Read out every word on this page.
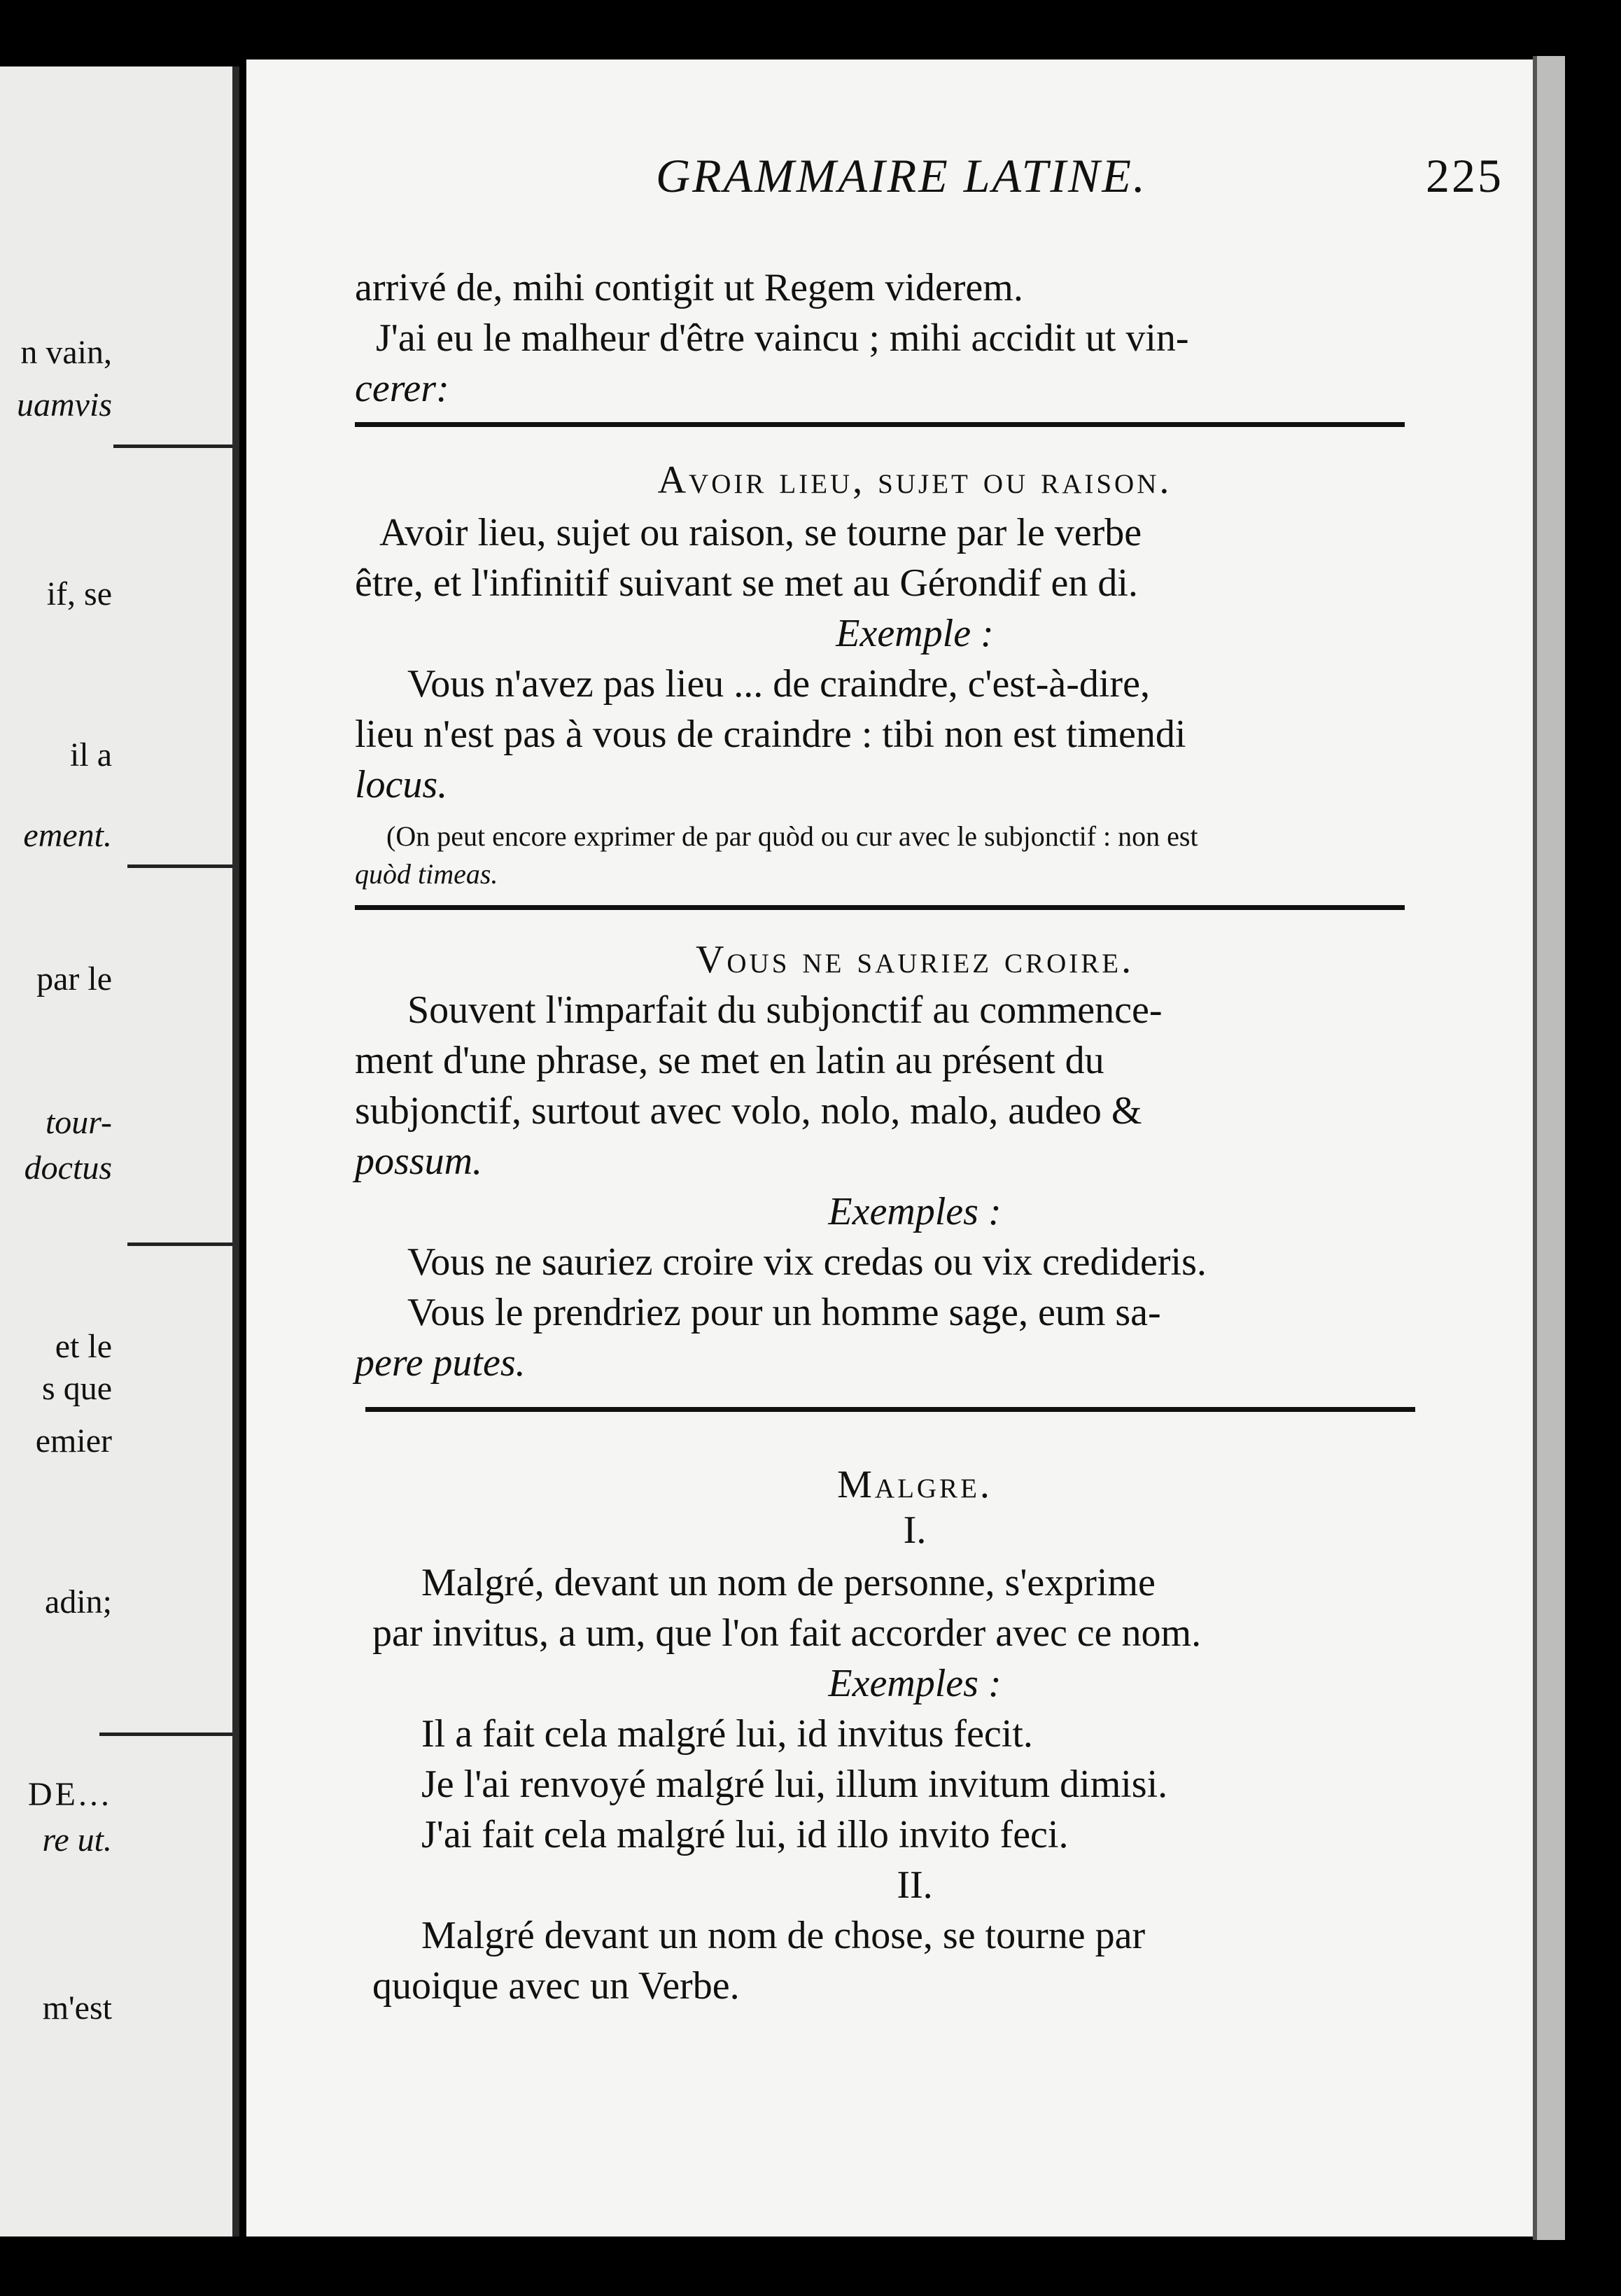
n vain,
uamvis
if, se
il a
ement.
par le
tour-
doctus
et le
s que
emier
adin;
DE...
re ut.
m'est
GRAMMAIRE LATINE.	225
arrivé de, mihi contigit ut Regem viderem.
J'ai eu le malheur d'être vaincu ; mihi accidit ut vin-
cerer:
Avoir lieu, sujet ou raison.
Avoir lieu, sujet ou raison, se tourne par le verbe
être, et l'infinitif suivant se met au Gérondif en di.
Exemple :
Vous n'avez pas lieu ... de craindre, c'est-à-dire,
lieu n'est pas à vous de craindre : tibi non est timendi
locus.
(On peut encore exprimer de par quòd ou cur avec le subjonctif : non est
quòd timeas.
Vous ne sauriez croire.
Souvent l'imparfait du subjonctif au commence-
ment d'une phrase, se met en latin au présent du
subjonctif, surtout avec volo, nolo, malo, audeo &
possum.
Exemples :
Vous ne sauriez croire vix credas ou vix credideris.
Vous le prendriez pour un homme sage, eum sa-
pere putes.
Malgre.
I.
Malgré, devant un nom de personne, s'exprime
par invitus, a um, que l'on fait accorder avec ce nom.
Exemples :
Il a fait cela malgré lui, id invitus fecit.
Je l'ai renvoyé malgré lui, illum invitum dimisi.
J'ai fait cela malgré lui, id illo invito feci.
II.
Malgré devant un nom de chose, se tourne par
quoique avec un Verbe.
